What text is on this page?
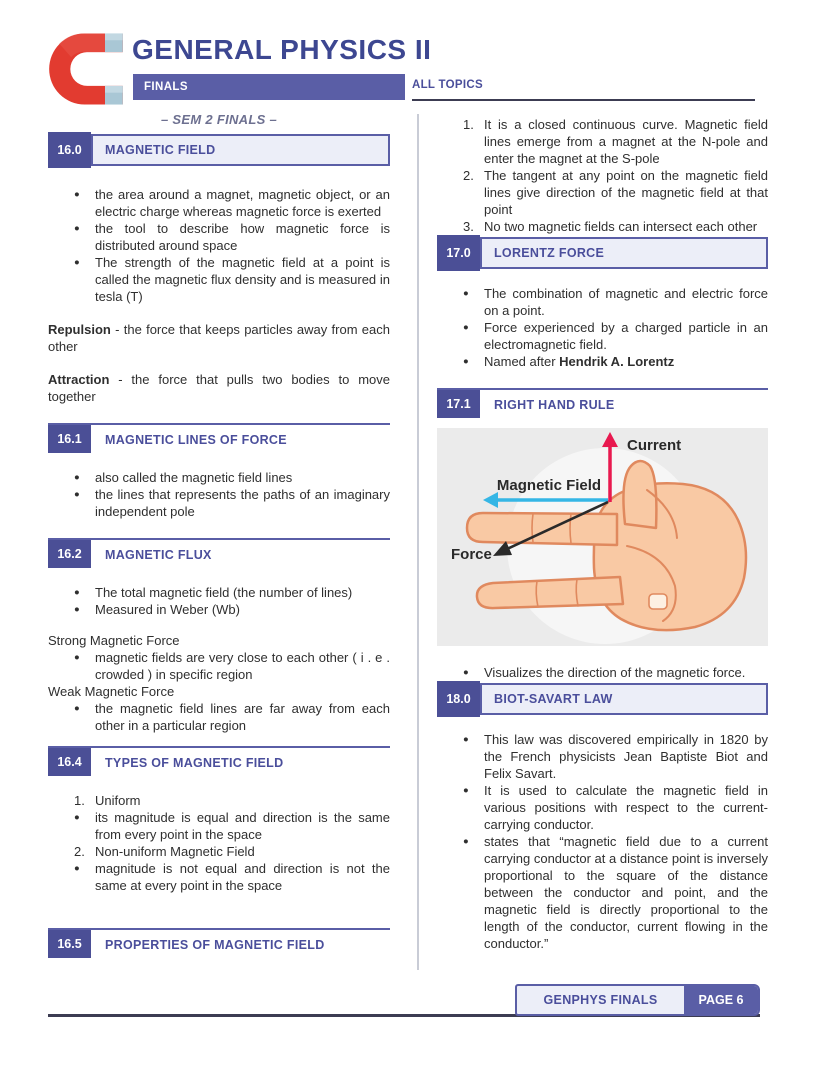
GENERAL PHYSICS II
FINALS	ALL TOPICS
– SEM 2 FINALS –
16.0	MAGNETIC FIELD
●	the area around a magnet, magnetic object, or an electric charge whereas magnetic force is exerted
●	the tool to describe how magnetic force is distributed around space
●	The strength of the magnetic field at a point is called the magnetic flux density and is measured in tesla (T)

Repulsion - the force that keeps particles away from each other

Attraction - the force that pulls two bodies to move together

16.1	MAGNETIC LINES OF FORCE
●	also called the magnetic field lines
●	the lines that represents the paths of an imaginary independent pole
16.2	MAGNETIC FLUX
●	The total magnetic field (the number of lines)
●	Measured in Weber (Wb)
Strong Magnetic Force
●	magnetic fields are very close to each other ( i . e . crowded ) in specific region
Weak Magnetic Force
●	the magnetic field lines are far away from each other in a particular region
16.4	TYPES OF MAGNETIC FIELD
1. Uniform
●	its magnitude is equal and direction is the same from every point in the space
2. Non-uniform Magnetic Field
●	magnitude is not equal and direction is not the same at every point in the space
16.5	PROPERTIES OF MAGNETIC FIELD
1. It is a closed continuous curve. Magnetic field lines emerge from a magnet at the N-pole and enter the magnet at the S-pole
2. The tangent at any point on the magnetic field lines give direction of the magnetic field at that point
3. No two magnetic fields can intersect each other
17.0	LORENTZ FORCE
●	The combination of magnetic and electric force on a point.
●	Force experienced by a charged particle in an electromagnetic field.
●	Named after Hendrik A. Lorentz
17.1	RIGHT HAND RULE
Current
Magnetic Field
Force
●	Visualizes the direction of the magnetic force.
18.0	BIOT-SAVART LAW
●	This law was discovered empirically in 1820 by the French physicists Jean Baptiste Biot and Felix Savart.
●	It is used to calculate the magnetic field in various positions with respect to the current-carrying conductor.
●	states that “magnetic field due to a current carrying conductor at a distance point is inversely proportional to the square of the distance between the conductor and point, and the magnetic field is directly proportional to the length of the conductor, current flowing in the conductor.”
GENPHYS FINALS	PAGE 6
